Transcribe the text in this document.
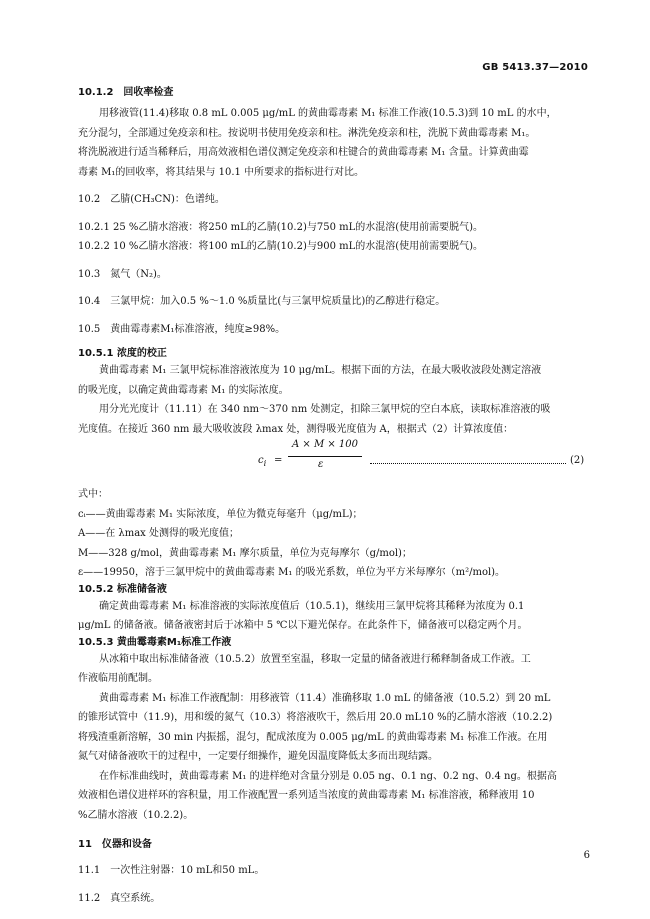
GB 5413.37—2010
10.1.2　回收率检查
用移液管(11.4)移取 0.8 mL 0.005 μg/mL 的黄曲霉毒素 M₁ 标准工作液(10.5.3)到 10 mL 的水中，
充分混匀，全部通过免疫亲和柱。按说明书使用免疫亲和柱。淋洗免疫亲和柱，洗脱下黄曲霉毒素 M₁。
将洗脱液进行适当稀释后，用高效液相色谱仪测定免疫亲和柱键合的黄曲霉毒素 M₁ 含量。计算黄曲霉
毒素 M₁的回收率，将其结果与 10.1 中所要求的指标进行对比。
10.2　乙腈(CH₃CN)：色谱纯。
10.2.1 25 %乙腈水溶液：将250 mL的乙腈(10.2)与750 mL的水混溶(使用前需要脱气)。
10.2.2 10 %乙腈水溶液：将100 mL的乙腈(10.2)与900 mL的水混溶(使用前需要脱气)。
10.3　氮气（N₂)。
10.4　三氯甲烷：加入0.5 %～1.0 %质量比(与三氯甲烷质量比)的乙醇进行稳定。
10.5　黄曲霉毒素M₁标准溶液，纯度≥98%。
10.5.1 浓度的校正
黄曲霉毒素 M₁ 三氯甲烷标准溶液浓度为 10 μg/mL。根据下面的方法，在最大吸收波段处测定溶液
的吸光度，以确定黄曲霉毒素 M₁ 的实际浓度。
用分光光度计（11.11）在 340 nm～370 nm 处测定，扣除三氯甲烷的空白本底，读取标准溶液的吸
光度值。在接近 360 nm 最大吸收波段 λmax 处，测得吸光度值为 A，根据式（2）计算浓度值：
$c_i$ =
A × M × 100
ε	(2)
式中：
cᵢ——黄曲霉毒素 M₁ 实际浓度，单位为微克每毫升（μg/mL)；
A——在 λmax 处测得的吸光度值；
M——328 g/mol，黄曲霉毒素 M₁ 摩尔质量，单位为克每摩尔（g/mol)；
ε——19950，溶于三氯甲烷中的黄曲霉毒素 M₁ 的吸光系数，单位为平方米每摩尔（m²/mol)。
10.5.2 标准储备液
确定黄曲霉毒素 M₁ 标准溶液的实际浓度值后（10.5.1)，继续用三氯甲烷将其稀释为浓度为 0.1
μg/mL 的储备液。储备液密封后于冰箱中 5 ℃以下避光保存。在此条件下，储备液可以稳定两个月。
10.5.3 黄曲霉毒素M₁标准工作液
从冰箱中取出标准储备液（10.5.2）放置至室温，移取一定量的储备液进行稀释制备成工作液。工
作液临用前配制。
黄曲霉毒素 M₁ 标准工作液配制：用移液管（11.4）准确移取 1.0 mL 的储备液（10.5.2）到 20 mL
的锥形试管中（11.9)，用和缓的氮气（10.3）将溶液吹干，然后用 20.0 mL10 %的乙腈水溶液（10.2.2)
将残渣重新溶解，30 min 内振摇，混匀，配成浓度为 0.005 μg/mL 的黄曲霉毒素 M₁ 标准工作液。在用
氮气对储备液吹干的过程中，一定要仔细操作，避免因温度降低太多而出现结露。
在作标准曲线时，黄曲霉毒素 M₁ 的进样绝对含量分别是 0.05 ng、0.1 ng、0.2 ng、0.4 ng。根据高
效液相色谱仪进样环的容积量，用工作液配置一系列适当浓度的黄曲霉毒素 M₁ 标准溶液，稀释液用 10
%乙腈水溶液（10.2.2)。
11　仪器和设备
11.1　一次性注射器：10 mL和50 mL。
11.2　真空系统。
6
